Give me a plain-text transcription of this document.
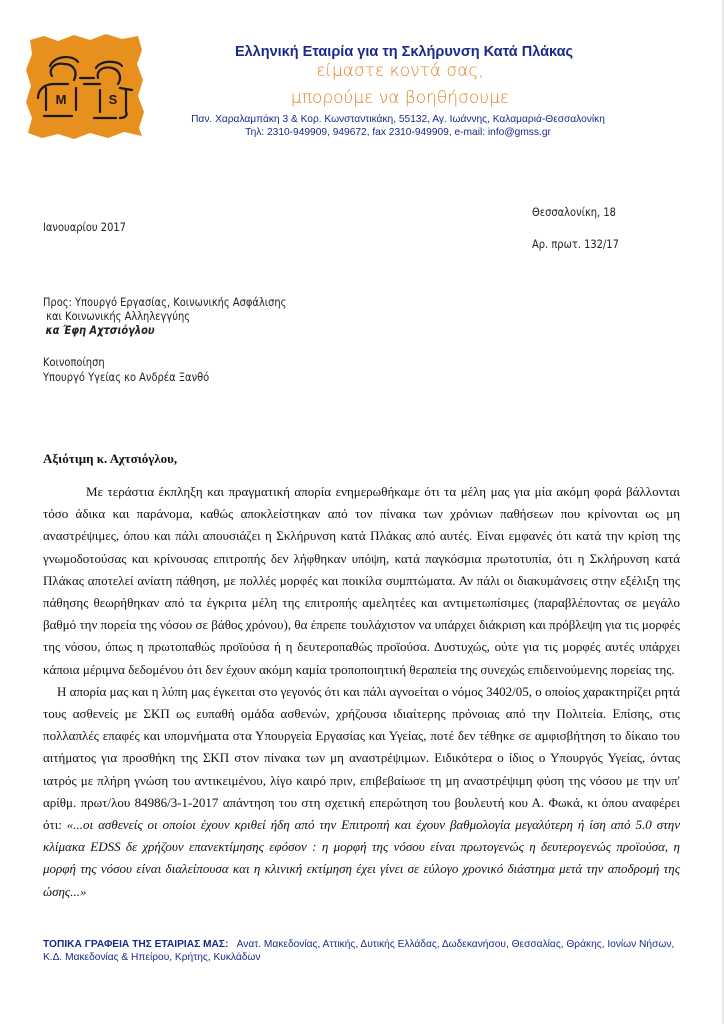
M	S
Ελληνική Εταιρία για τη Σκλήρυνση Κατά Πλάκας
είμαστε κοντά σας,
μπορούμε να βοηθήσουμε
Παν. Χαραλαμπάκη 3 & Κορ. Κωνσταντικάκη, 55132, Αγ. Ιωάννης, Καλαμαριά-Θεσσαλονίκη
Τηλ: 2310-949909, 949672, fax 2310-949909, e-mail: info@gmss.gr
Θεσσαλονίκη, 18
Ιανουαρίου 2017
Αρ. πρωτ. 132/17
Προς: Υπουργό Εργασίας, Κοινωνικής Ασφάλισης
και Κοινωνικής Αλληλεγγύης
κα Έφη Αχτσιόγλου
Κοινοποίηση
Υπουργό Υγείας κο Ανδρέα Ξανθό
Αξιότιμη κ. Αχτσιόγλου,

Με τεράστια έκπληξη και πραγματική απορία ενημερωθήκαμε ότι τα μέλη μας για μία ακόμη φορά βάλλονται τόσο άδικα και παράνομα, καθώς αποκλείστηκαν από τον πίνακα των χρόνιων παθήσεων που κρίνονται ως μη αναστρέψιμες, όπου και πάλι απουσιάζει η Σκλήρυνση κατά Πλάκας από αυτές. Είναι εμφανές ότι κατά την κρίση της γνωμοδοτούσας και κρίνουσας επιτροπής δεν λήφθηκαν υπόψη, κατά παγκόσμια πρωτοτυπία, ότι η Σκλήρυνση κατά Πλάκας αποτελεί ανίατη πάθηση, με πολλές μορφές και ποικίλα συμπτώματα. Αν πάλι οι διακυμάνσεις στην εξέλιξη της πάθησης θεωρήθηκαν από τα έγκριτα μέλη της επιτροπής αμελητέες και αντιμετωπίσιμες (παραβλέποντας σε μεγάλο βαθμό την πορεία της νόσου σε βάθος χρόνου), θα έπρεπε τουλάχιστον να υπάρχει διάκριση και πρόβλεψη για τις μορφές της νόσου, όπως η πρωτοπαθώς προϊούσα ή η δευτεροπαθώς προϊούσα. Δυστυχώς, ούτε για τις μορφές αυτές υπάρχει κάποια μέριμνα δεδομένου ότι δεν έχουν ακόμη καμία τροποποιητική θεραπεία της συνεχώς επιδεινούμενης πορείας της.

Η απορία μας και η λύπη μας έγκειται στο γεγονός ότι και πάλι αγνοείται ο νόμος 3402/05, ο οποίος χαρακτηρίζει ρητά τους ασθενείς με ΣΚΠ ως ευπαθή ομάδα ασθενών, χρήζουσα ιδιαίτερης πρόνοιας από την Πολιτεία. Επίσης, στις πολλαπλές επαφές και υπομνήματα στα Υπουργεία Εργασίας και Υγείας, ποτέ δεν τέθηκε σε αμφισβήτηση το δίκαιο του αιτήματος για προσθήκη της ΣΚΠ στον πίνακα των μη αναστρέψιμων. Ειδικότερα ο ίδιος ο Υπουργός Υγείας, όντας ιατρός με πλήρη γνώση του αντικειμένου, λίγο καιρό πριν, επιβεβαίωσε τη μη αναστρέψιμη φύση της νόσου με την υπ' αρίθμ. πρωτ/λου 84986/3-1-2017 απάντηση του στη σχετική επερώτηση του βουλευτή κου Α. Φωκά, κι όπου αναφέρει ότι: «...οι ασθενείς οι οποίοι έχουν κριθεί ήδη από την Επιτροπή και έχουν βαθμολογία μεγαλύτερη ή ίση από 5.0 στην κλίμακα EDSS δε χρήζουν επανεκτίμησης εφόσον : η μορφή της νόσου είναι πρωτογενώς η δευτερογενώς προϊούσα, η μορφή της νόσου είναι διαλείπουσα και η κλινική εκτίμηση έχει γίνει σε εύλογο χρονικό διάστημα μετά την αποδρομή της ώσης...»

ΤΟΠΙΚΑ ΓΡΑΦΕΙΑ ΤΗΣ ΕΤΑΙΡΙΑΣ ΜΑΣ: Ανατ. Μακεδονίας, Αττικής, Δυτικής Ελλάδας, Δωδεκανήσου, Θεσσαλίας, Θράκης, Ιονίων Νήσων, Κ.Δ. Μακεδονίας & Ηπείρου, Κρήτης, Κυκλάδων
